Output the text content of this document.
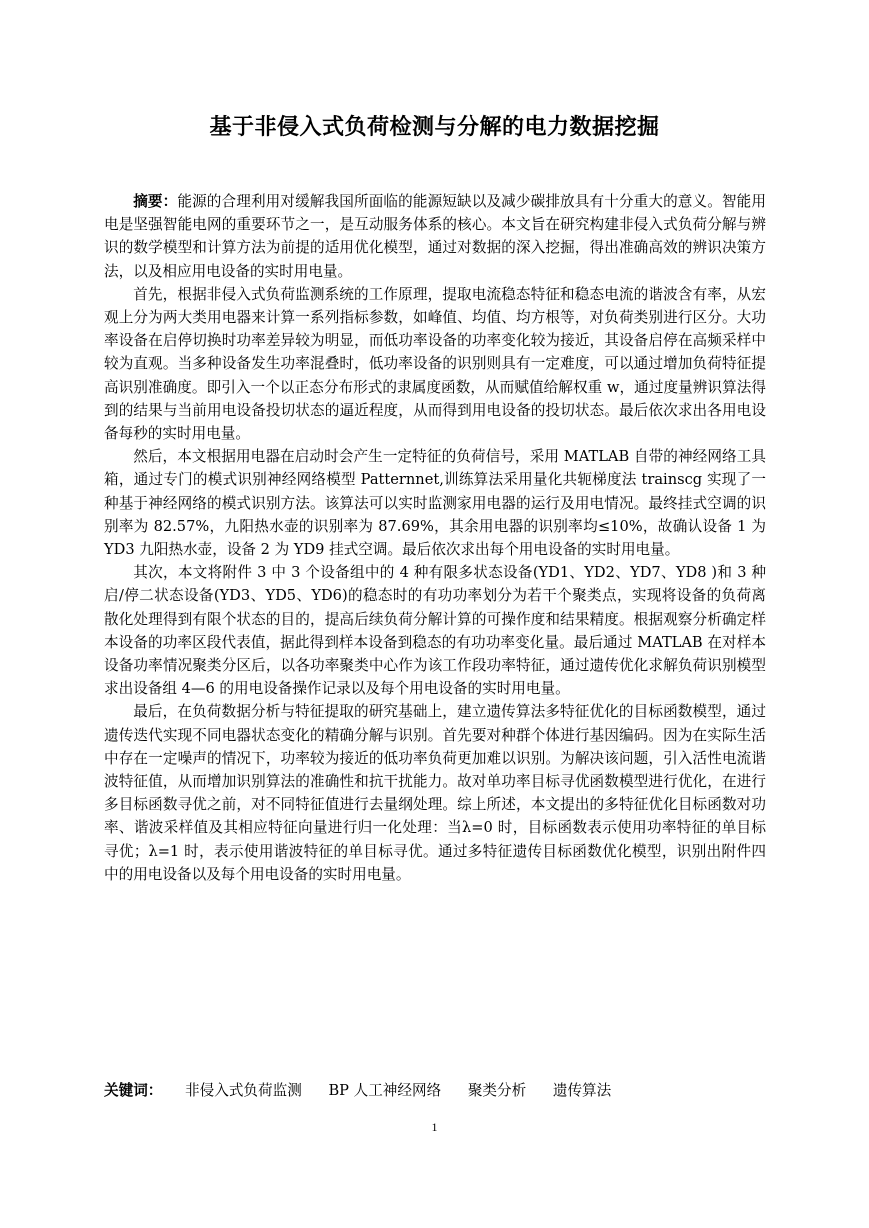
基于非侵入式负荷检测与分解的电力数据挖掘

摘要：能源的合理利用对缓解我国所面临的能源短缺以及减少碳排放具有十分重大的意义。智能用电是坚强智能电网的重要环节之一，是互动服务体系的核心。本文旨在研究构建非侵入式负荷分解与辨识的数学模型和计算方法为前提的适用优化模型，通过对数据的深入挖掘，得出准确高效的辨识决策方法，以及相应用电设备的实时用电量。

首先，根据非侵入式负荷监测系统的工作原理，提取电流稳态特征和稳态电流的谐波含有率，从宏观上分为两大类用电器来计算一系列指标参数，如峰值、均值、均方根等，对负荷类别进行区分。大功率设备在启停切换时功率差异较为明显，而低功率设备的功率变化较为接近，其设备启停在高频采样中较为直观。当多种设备发生功率混叠时，低功率设备的识别则具有一定难度，可以通过增加负荷特征提高识别准确度。即引入一个以正态分布形式的隶属度函数，从而赋值给解权重 w，通过度量辨识算法得到的结果与当前用电设备投切状态的逼近程度，从而得到用电设备的投切状态。最后依次求出各用电设备每秒的实时用电量。

然后，本文根据用电器在启动时会产生一定特征的负荷信号，采用 MATLAB 自带的神经网络工具箱，通过专门的模式识别神经网络模型 Patternnet,训练算法采用量化共轭梯度法 trainscg 实现了一种基于神经网络的模式识别方法。该算法可以实时监测家用电器的运行及用电情况。最终挂式空调的识别率为 82.57%，九阳热水壶的识别率为 87.69%，其余用电器的识别率均≤10%，故确认设备 1 为 YD3 九阳热水壶，设备 2 为 YD9 挂式空调。最后依次求出每个用电设备的实时用电量。

其次，本文将附件 3 中 3 个设备组中的 4 种有限多状态设备(YD1、YD2、YD7、YD8 )和 3 种启/停二状态设备(YD3、YD5、YD6)的稳态时的有功功率划分为若干个聚类点，实现将设备的负荷离散化处理得到有限个状态的目的，提高后续负荷分解计算的可操作度和结果精度。根据观察分析确定样本设备的功率区段代表值，据此得到样本设备到稳态的有功功率变化量。最后通过 MATLAB 在对样本设备功率情况聚类分区后，以各功率聚类中心作为该工作段功率特征，通过遗传优化求解负荷识别模型求出设备组 4—6 的用电设备操作记录以及每个用电设备的实时用电量。

最后，在负荷数据分析与特征提取的研究基础上，建立遗传算法多特征优化的目标函数模型，通过遗传迭代实现不同电器状态变化的精确分解与识别。首先要对种群个体进行基因编码。因为在实际生活中存在一定噪声的情况下，功率较为接近的低功率负荷更加难以识别。为解决该问题，引入活性电流谐波特征值，从而增加识别算法的准确性和抗干扰能力。故对单功率目标寻优函数模型进行优化，在进行多目标函数寻优之前，对不同特征值进行去量纲处理。综上所述，本文提出的多特征优化目标函数对功率、谐波采样值及其相应特征向量进行归一化处理：当λ=0 时，目标函数表示使用功率特征的单目标寻优；λ=1 时，表示使用谐波特征的单目标寻优。通过多特征遗传目标函数优化模型，识别出附件四中的用电设备以及每个用电设备的实时用电量。

关键词： 非侵入式负荷监测 BP 人工神经网络 聚类分析 遗传算法
1
